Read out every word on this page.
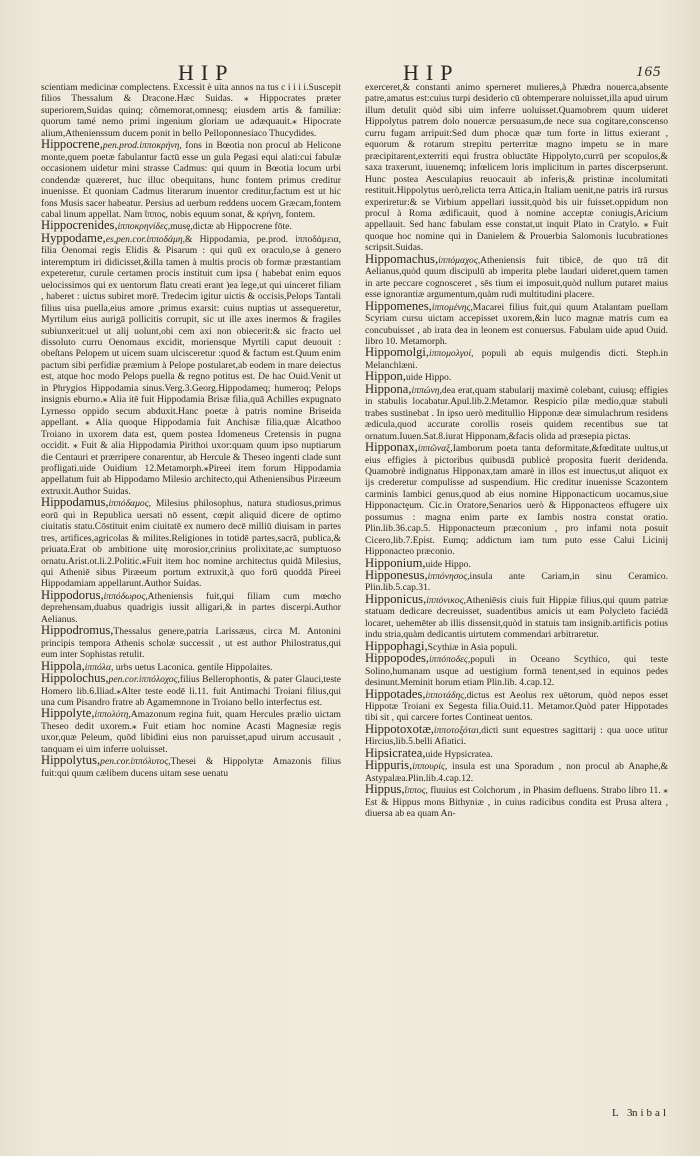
HIP	HIP	165

scientiam medicinæ complectens. Excessit è uita annos na tus c i i i i.Suscepit filios Thessalum & Dracone.Hæc Suidas. ⁎ Hippocrates præter superiorem,Suidas quinq; cõmemorat,omnesq; eiusdem artis & familiæ: quorum tamé nemo primi ingenium gloriam ue adæquauit.⁎ Hipocrate alium,Athenienssum ducem ponit in bello Pelloponnesiaco Thucydides.

Hippocrene,pen.prod.ἱπποκρήνη, fons in Bœotia non procul ab Helicone monte,quem poetæ fabulantur factū esse un gula Pegasi equi alati:cui fabulæ occasionem uidetur mini strasse Cadmus: qui quum in Bœotia locum urbi condendæ quæreret, huc illuc obequitans, hunc fontem primus creditur inuenisse. Et quoniam Cadmus literarum inuentor creditur,factum est ut hic fons Musis sacer habeatur. Persius ad uerbum reddens uocem Græcam,fontem cabal linum appellat. Nam ἵππος, nobis equum sonat, & κρήνη, fontem.

Hippocrenides,ἱπποκρηνίδες,musę,dictæ ab Hippocrene fōte.

Hyppodame,es,pen.cor.ἱπποδάμη,& Hippodamia, pe.prod. ἱπποδάμεια, filia Oenomai regis Elidis & Pisarum : qui quū ex oraculo,se à genero interemptum iri didicisset,&illa tamen à multis procis ob formæ præstantiam expeteretur, curule certamen procis instituit cum ipsa ( habebat enim equos uelocissimos qui ex uentorum flatu creati erant )ea lege,ut qui uinceret filiam , haberet : uictus subiret morē. Tredecim igitur uictis & occisis,Pelops Tantali filius uisa puella,eius amore ,primus exarsit: cuius nuptias ut assequeretur, Myrtilum eius aurigā pollicitis corrupit, sic ut ille axes inermos & fragiles subiunxerit:uel ut alij uolunt,obi cem axi non obiecerit:& sic fracto uel dissoluto curru Oenomaus excidit, moriensque Myrtili caput deuouit : obeſtans Pelopem ut uicem suam ulcisceretur :quod & factum est.Quum enim pactum sibi perfidiæ præmium à Pelope postularet,ab eodem in mare deiectus est, atque hoc modo Pelops puella & regno potitus est. De hac Ouid.Venit ut in Phrygios Hippodamia sinus.Verg.3.Georg.Hippodameq; humeroq; Pelops insignis eburno.⁎ Alia itē fuit Hippodamia Brisæ filia,quā Achilles expugnato Lyrnesso oppido secum abduxit.Hanc poetæ à patris nomine Briseida appellant. ⁎ Alia quoque Hippodamia fuit Anchisæ filia,quæ Alcathoo Troiano in uxorem data est, quem postea Idomeneus Cretensis in pugna occidit. ⁎ Fuit & alia Hippodamia Pirithoi uxor:quam quum ipso nuptiarum die Centauri et prærripere conarentur, ab Hercule & Theseo ingenti clade sunt profligati.uide Ouidium 12.Metamorph.⁎Pireei item forum Hippodamia appellatum fuit ab Hippodamo Milesio architecto,qui Atheniensibus Piræeum extruxit.Author Suidas.

Hippodamus,ἱππόδαμος, Milesius philosophus, natura studiosus,primus eorū qui in Republica uersati nō essent, cœpit aliquid dicere de optimo ciuitatis statu.Cōstituit enim ciuitatē ex numero decē milliū diuisam in partes tres, artifices,agricolas & milites.Religiones in totidē partes,sacrā, publica,& priuata.Erat ob ambitione uitę morosior,crinius prolixitate,ac sumptuoso ornatu.Arist.ot.li.2.Politic.⁎Fuit item hoc nomine architectus quidā Milesius, qui Atheniē sibus Piræeum portum extruxit,à quo forū quoddā Pireei Hippodamiam appellarunt.Author Suidas.

Hippodorus,ἱππόδωρος,Atheniensis fuit,qui filiam cum mœcho deprehensam,duabus quadrigis iussit alligari,& in partes discerpi.Author Aelianus.

Hippodromus,Thessalus genere,patria Larissæus, circa M. Antonini principis tempora Athenis scholæ successit , ut est author Philostratus,qui eum inter Sophistas retulit.

Hippola,ἱππόλα, urbs uetus Laconica. gentile Hippolaites.

Hippolochus,pen.cor.ἱππόλοχος,filius Bellerophontis, & pater Glauci,teste Homero lib.6.Iliad.⁎Alter teste eodē li.11. fuit Antimachi Troiani filius,qui una cum Pisandro fratre ab Agamemnone in Troiano bello interfectus est.

Hippolyte,ἱππολύτη,Amazonum regina fuit, quam Hercules prælio uictam Theseo dedit uxorem.⁎ Fuit etiam hoc nomine Acasti Magnesiæ regis uxor,quæ Peleum, quōd libidini eius non paruisset,apud uirum accusauit , tanquam ei uim inferre uoluisset.

Hippolytus,pen.cor.ἱππόλυτος,Thesei & Hippolytæ Amazonis filius fuit:qui quum cælibem ducens uitam sese uenatu

exerceret,& constanti animo sperneret mulieres,à Phædra nouerca,absente patre,amatus est:cuius turpi desiderio cū obtemperare noluisset,illa apud uirum illum detulit quòd sibi uim inferre uoluisset.Quamobrem quum uideret Hippolytus patrem dolo nouercæ persuasum,de nece sua cogitare,conscenso curru fugam arripuit:Sed dum phocæ quæ tum forte in littus exierant , equorum & rotarum strepitu perterritæ magno impetu se in mare præcipitarent,exterriti equi frustra obluctāte Hippolyto,currū per scopulos,& saxa traxerunt, iuuenemq; infœlicem loris implicitum in partes discerpserunt. Hunc postea Aesculapius reuocauit ab inferis,& pristinæ incolumitati restituit.Hippolytus uerò,relicta terra Attica,in Italiam uenit,ne patris irā rursus experiretur:& se Virbium appellari iussit,quòd bis uir fuisset.oppidum non procul à Roma ædificauit, quod à nomine acceptæ coniugis,Aricium appellauit. Sed hanc fabulam esse constat,ut inquit Plato in Cratylo. ⁎ Fuit quoque hoc nomine qui in Danielem & Prouerbia Salomonis lucubrationes scripsit.Suidas.

Hippomachus,ἱππόμαχος,Atheniensis fuit tibicē, de quo trā dit Aelianus,quòd quum discipulū ab imperita plebe laudari uideret,quem tamen in arte peccare cognosceret , sēs tium ei imposuit,quòd nullum putaret maius esse ignorantiæ argumentum,quàm rudi multitudini placere.

Hippomenes,ἱππομένης,Macarei filius fuit,qui quum Atalantam puellam Scyriam cursu uictam accepisset uxorem,&in luco magnæ matris cum ea concubuisset , ab irata dea in leonem est conuersus. Fabulam uide apud Ouid. libro 10. Metamorph.

Hippomolgi,ἱππομολγοί, populi ab equis mulgendis dicti. Steph.in Melanchlæni.

Hippon,uide Hippo.

Hippona,ἱππώνη,dea erat,quam stabularij maximè colebant, cuiusq; effigies in stabulis locabatur.Apul.lib.2.Metamor. Respicio pilæ medio,quæ stabuli trabes sustinebat . In ipso uerò meditullio Hipponæ deæ simulachrum residens ædicula,quod accurate corollis roseis quidem recentibus sue tat ornatum.Iuuen.Sat.8.iurat Hipponam,&facis olida ad præsepia pictas.

Hipponax,ἱππῶναξ,Iamborum poeta tanta deformitate,&fœditate uultus,ut eius effigies à pictoribus quibusdā publicè proposita fuerit deridenda. Quamobrè indignatus Hipponax,tam amarè in illos est inuectus,ut aliquot ex ijs crederetur compulisse ad suspendium. Hic creditur inuenisse Scazontem carminis Iambici genus,quod ab eius nomine Hipponacticum uocamus,siue Hipponactęum. Cic.in Oratore,Senarios uerò & Hipponacteos effugere uix possumus : magna enim parte ex Iambis nostra constat oratio. Plin.lib.36.cap.5. Hipponacteum præconium , pro infami nota posuit Cicero,lib.7.Epist. Eumq; addictum iam tum puto esse Calui Licinij Hipponacteo præconio.

Hipponium,uide Hippo.

Hipponesus,ἱππόνησος,insula ante Cariam,in sinu Ceramico. Plin.lib.5.cap.31.

Hipponicus,ἱππόνικος,Atheniēsis ciuis fuit Hippiæ filius,qui quum patriæ statuam dedicare decreuisset, suadentibus amicis ut eam Polycleto faciédā locaret, uehemēter ab illis dissensit,quòd in statuis tam insignib.artificis potius indu stria,quàm dedicantis uirtutem commendari arbitraretur.

Hippophagi,Scythiæ in Asia populi.

Hippopodes,ἱππόποδες,populi in Oceano Scythico, qui teste Solino,humanam usque ad uestigium formā tenent,sed in equinos pedes desinunt.Meminit horum etiam Plin.lib. 4.cap.12.

Hippotades,ἱπποτάδης,dictus est Aeolus rex uētorum, quòd nepos esset Hippotæ Troiani ex Segesta filia.Ouid.11. Metamor.Quòd pater Hippotades tibi sit , qui carcere fortes Contineat uentos.

Hippotoxotæ,ἱπποτοξόται,dicti sunt equestres sagittarij : qua uoce utitur Hircius,lib.5.belli Afiatici.

Hipsicratea,uide Hypsicratea.

Hippuris,ἱππουρίς, insula est una Sporadum , non procul ab Anaphe,& Astypalæa.Plin.lib.4.cap.12.

Hippus,ἵππος, fluuius est Colchorum , in Phasim defluens. Strabo libro 11. ⁎ Est & Hippus mons Bithyniæ , in cuius radicibus condita est Prusa altera , diuersa ab ea quam An-

L 3
nibal
